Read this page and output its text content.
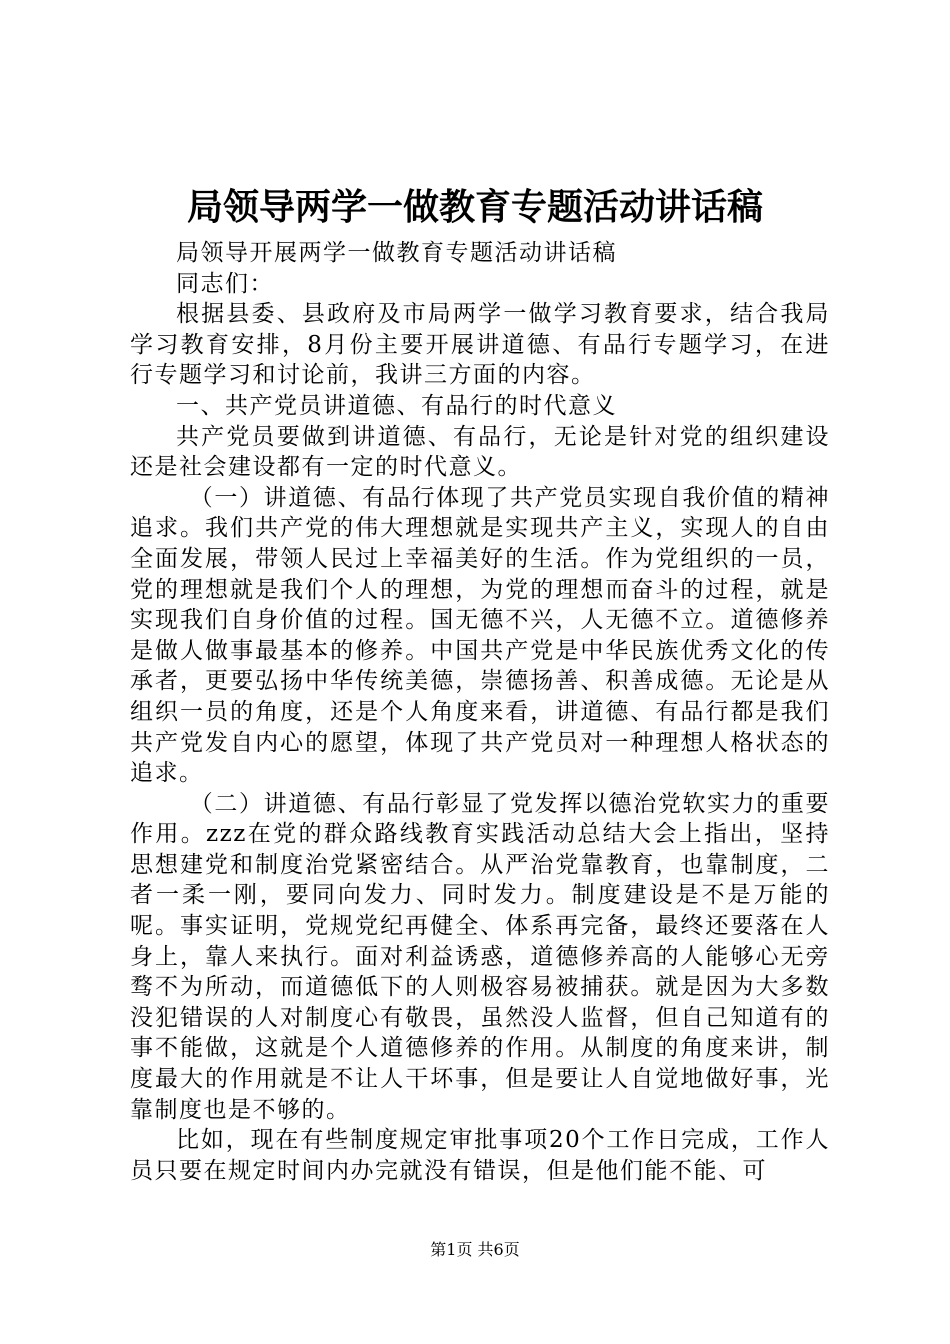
局领导两学一做教育专题活动讲话稿

局领导开展两学一做教育专题活动讲话稿

同志们：

根据县委、县政府及市局两学一做学习教育要求，结合我局学习教育安排，8月份主要开展讲道德、有品行专题学习，在进行专题学习和讨论前，我讲三方面的内容。

一、共产党员讲道德、有品行的时代意义

共产党员要做到讲道德、有品行，无论是针对党的组织建设还是社会建设都有一定的时代意义。

（一）讲道德、有品行体现了共产党员实现自我价值的精神追求。我们共产党的伟大理想就是实现共产主义，实现人的自由全面发展，带领人民过上幸福美好的生活。作为党组织的一员，党的理想就是我们个人的理想，为党的理想而奋斗的过程，就是实现我们自身价值的过程。国无德不兴，人无德不立。道德修养是做人做事最基本的修养。中国共产党是中华民族优秀文化的传承者，更要弘扬中华传统美德，崇德扬善、积善成德。无论是从组织一员的角度，还是个人角度来看，讲道德、有品行都是我们共产党发自内心的愿望，体现了共产党员对一种理想人格状态的追求。

（二）讲道德、有品行彰显了党发挥以德治党软实力的重要作用。zzz在党的群众路线教育实践活动总结大会上指出，坚持思想建党和制度治党紧密结合。从严治党靠教育，也靠制度，二者一柔一刚，要同向发力、同时发力。制度建设是不是万能的呢。事实证明，党规党纪再健全、体系再完备，最终还要落在人身上，靠人来执行。面对利益诱惑，道德修养高的人能够心无旁骛不为所动，而道德低下的人则极容易被捕获。就是因为大多数没犯错误的人对制度心有敬畏，虽然没人监督，但自己知道有的事不能做，这就是个人道德修养的作用。从制度的角度来讲，制度最大的作用就是不让人干坏事，但是要让人自觉地做好事，光靠制度也是不够的。

比如，现在有些制度规定审批事项20个工作日完成，工作人员只要在规定时间内办完就没有错误，但是他们能不能、可

第1页 共6页
